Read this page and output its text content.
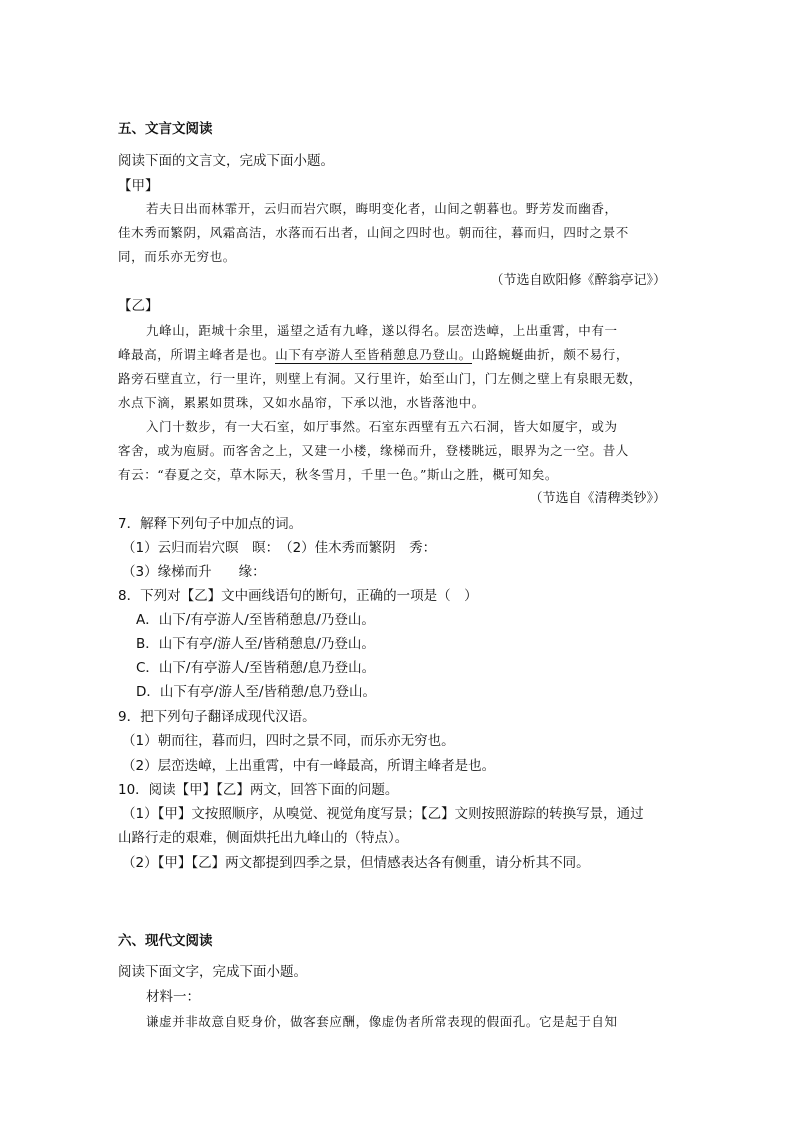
五、文言文阅读
阅读下面的文言文，完成下面小题。
【甲】
若夫日出而林霏开，云归而岩穴暝，晦明变化者，山间之朝暮也。野芳发而幽香，
佳木秀而繁阴，风霜高洁，水落而石出者，山间之四时也。朝而往，暮而归，四时之景不
同，而乐亦无穷也。
（节选自欧阳修《醉翁亭记》）
【乙】
九峰山，距城十余里，遥望之适有九峰，遂以得名。层峦迭嶂，上出重霄，中有一
峰最高，所谓主峰者是也。山下有亭游人至皆稍憩息乃登山。山路蜿蜒曲折，颇不易行，
路旁石壁直立，行一里许，则壁上有洞。又行里许，始至山门，门左侧之壁上有泉眼无数，
水点下滴，累累如贯珠，又如水晶帘，下承以池，水皆落池中。
入门十数步，有一大石室，如厅事然。石室东西壁有五六石洞，皆大如厦宇，或为
客舍，或为庖厨。而客舍之上，又建一小楼，缘梯而升，登楼眺远，眼界为之一空。昔人
有云：“春夏之交，草木际天，秋冬雪月，千里一色。”斯山之胜，概可知矣。
（节选自《清稗类钞》）
7．解释下列句子中加点的词。
（1）云归而岩穴暝　暝：　（2）佳木秀而繁阴　秀：
（3）缘梯而升　　缘：
8．下列对【乙】文中画线语句的断句，正确的一项是（　）
A．山下/有亭游人/至皆稍憩息/乃登山。
B．山下有亭/游人至/皆稍憩息/乃登山。
C．山下/有亭游人/至皆稍憩/息乃登山。
D．山下有亭/游人至/皆稍憩/息乃登山。
9．把下列句子翻译成现代汉语。
（1）朝而往，暮而归，四时之景不同，而乐亦无穷也。
（2）层峦迭嶂，上出重霄，中有一峰最高，所谓主峰者是也。
10．阅读【甲】【乙】两文，回答下面的问题。
（1）【甲】文按照顺序，从嗅觉、视觉角度写景；【乙】文则按照游踪的转换写景，通过
山路行走的艰难，侧面烘托出九峰山的（特点）。
（2）【甲】【乙】两文都提到四季之景，但情感表达各有侧重，请分析其不同。
六、现代文阅读
阅读下面文字，完成下面小题。
材料一：
谦虚并非故意自贬身价，做客套应酬，像虚伪者所常表现的假面孔。它是起于自知
